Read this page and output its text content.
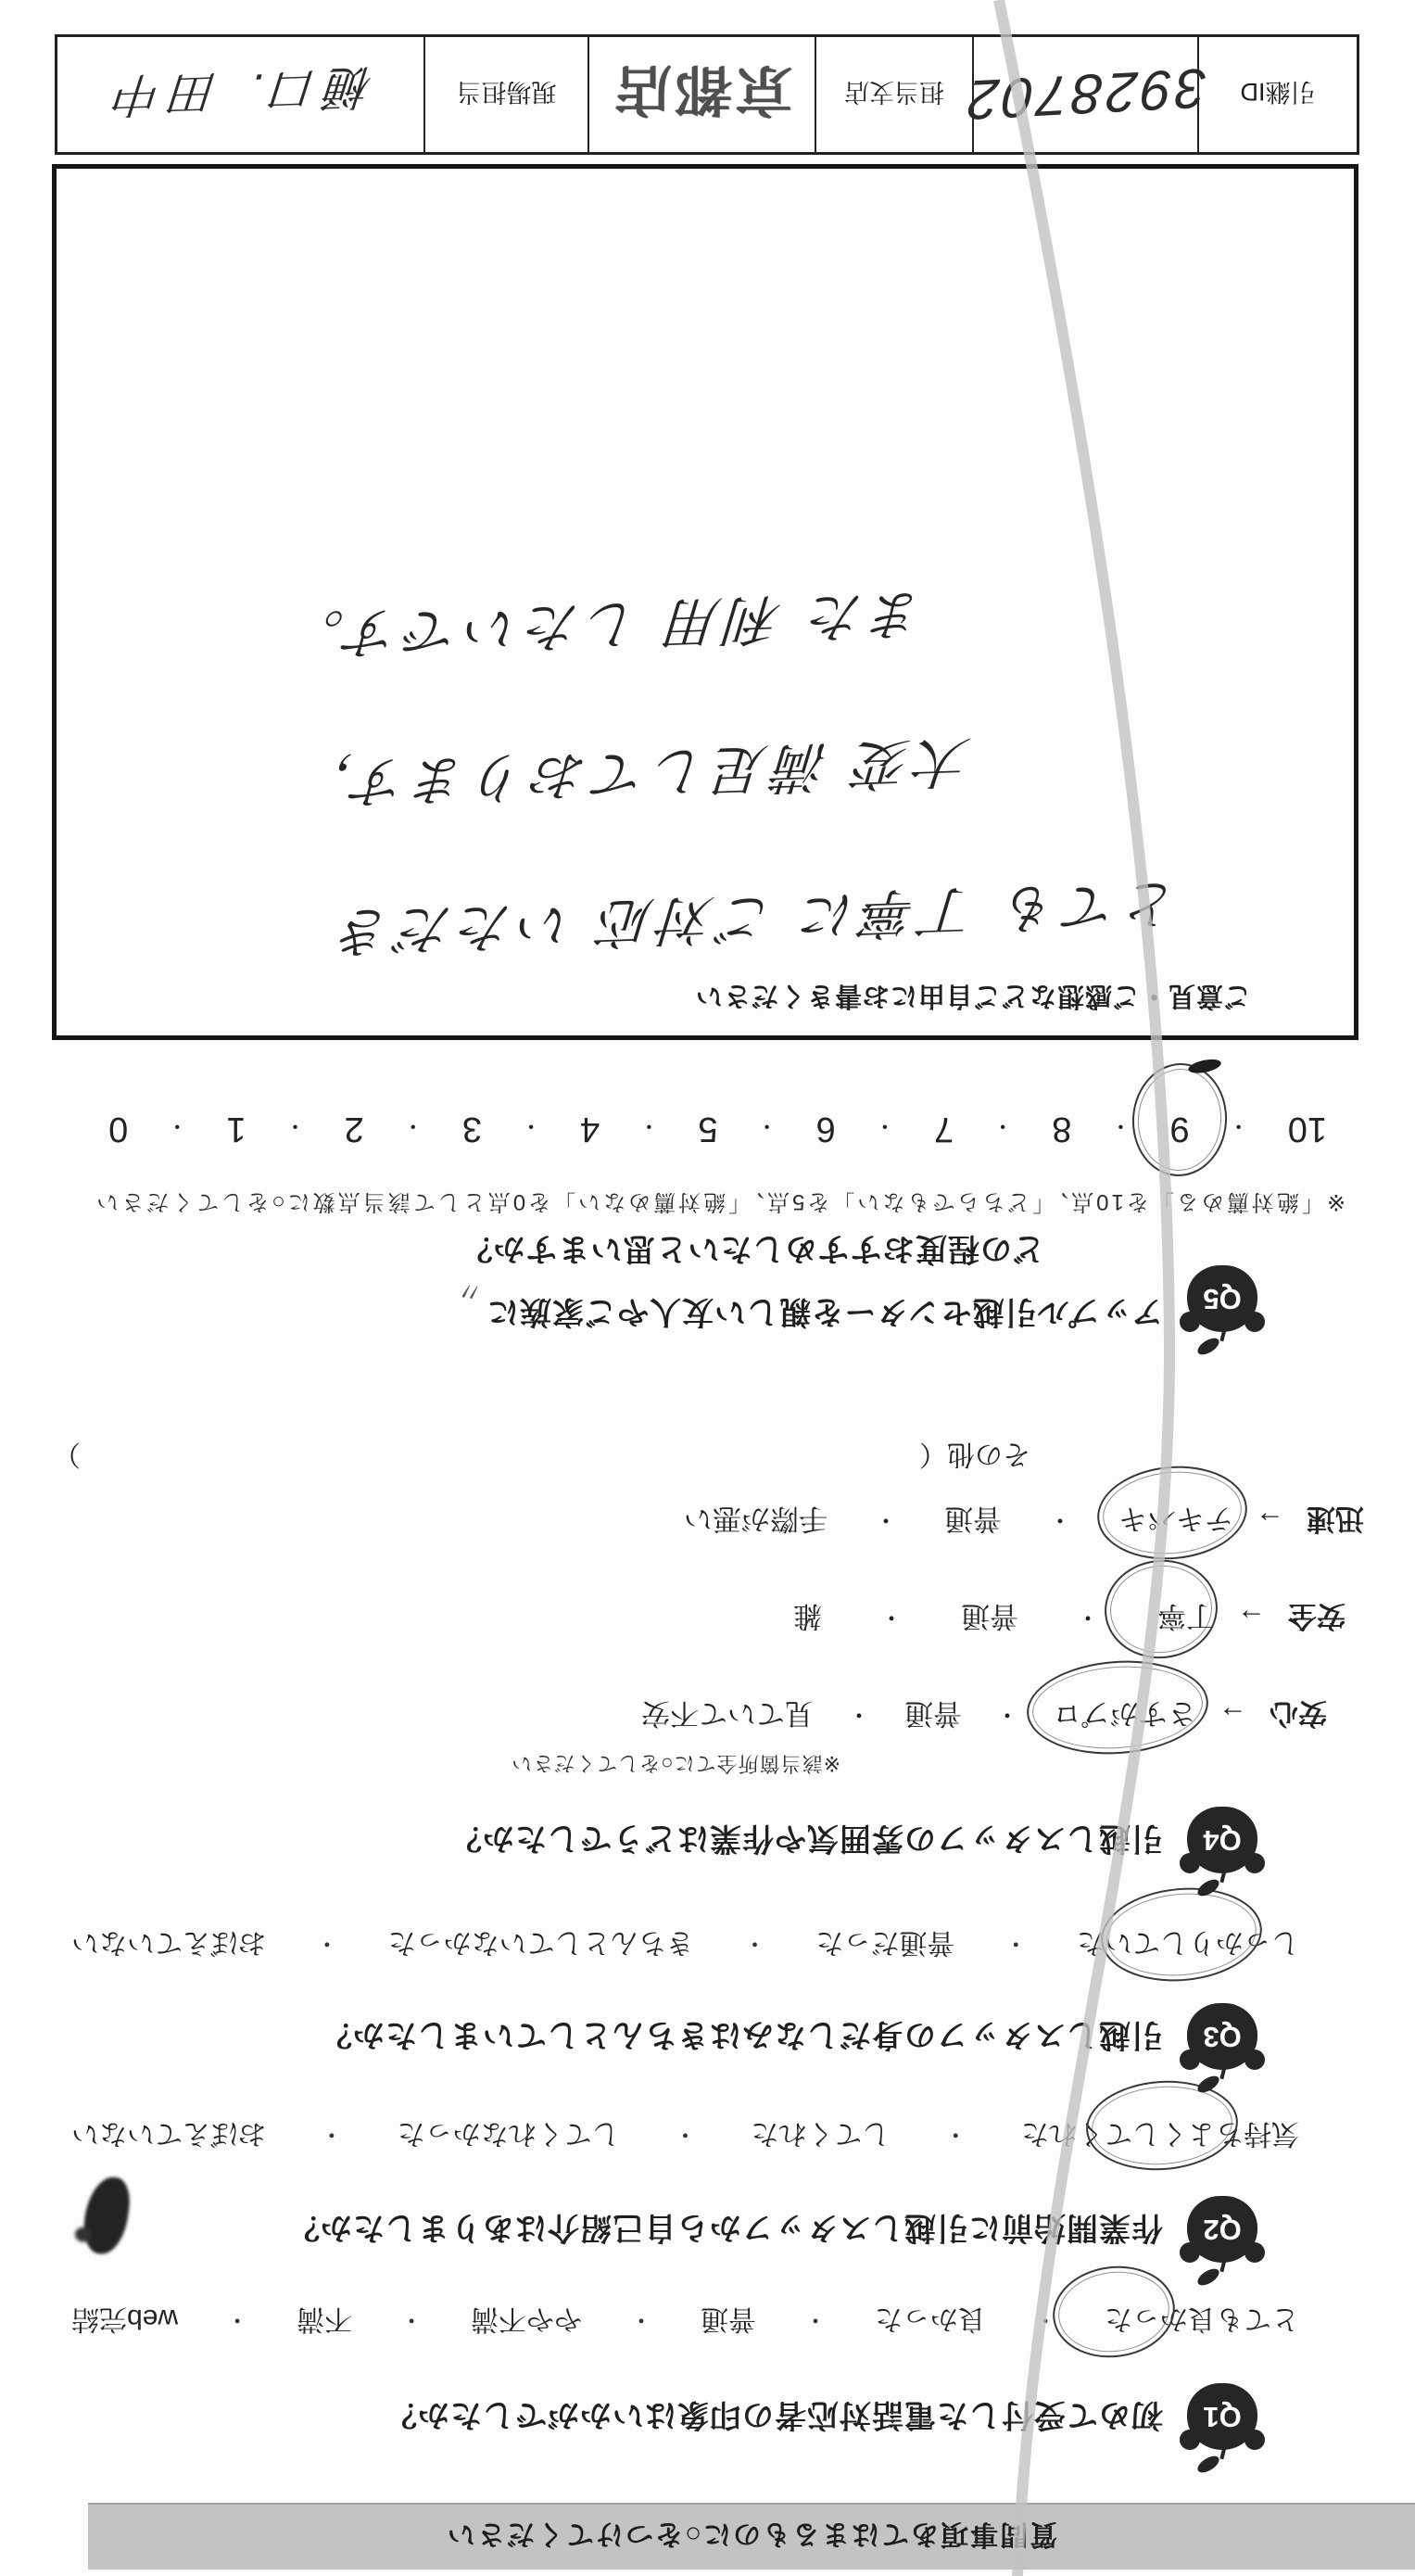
質問事項あてはまるものに○をつけてください
Q1
初めて受付した電話対応者の印象はいかがでしたか？
とても良かった
・
良かった
・
普通
・
やや不満
・
不満
・
web完結
Q2
作業開始前に引越しスタッフから自己紹介はありましたか？
気持ちよくしてくれた
・
してくれた
・
してくれなかった
・
おぼえていない
Q3
引越しスタッフの身だしなみはきちんとしていましたか？
しっかりしていた
・
普通だった
・
きちんとしていなかった
・
おぼえていない
Q4
引越しスタッフの雰囲気や作業はどうでしたか？
※該当箇所全てに○をしてください
安心
→
さすがプロ
・
普通
・
見ていて不安
安全
→
丁寧
・
普通
・
雑
迅速
→
テキパキ
・
普通
・
手際が悪い
その他（
）
Q5
アップル引越センターを親しい友人やご家族に
どの程度おすすめしたいと思いますか？
※「絶対薦める」を10点、「どちらでもない」を5点、「絶対薦めない」を0点として該当点数に○をしてください
〃
10
・
9
・
8
・
7
・
6
・
5
・
4
・
3
・
2
・
1
・
0
ご意見・ご感想などご自由にお書きください
とても 丁寧に ご対応 いただき
大変 満足しております，
また 利用 したいです。
引継ID
3928702
担当支店
京都店
現場担当
樋口. 田中
